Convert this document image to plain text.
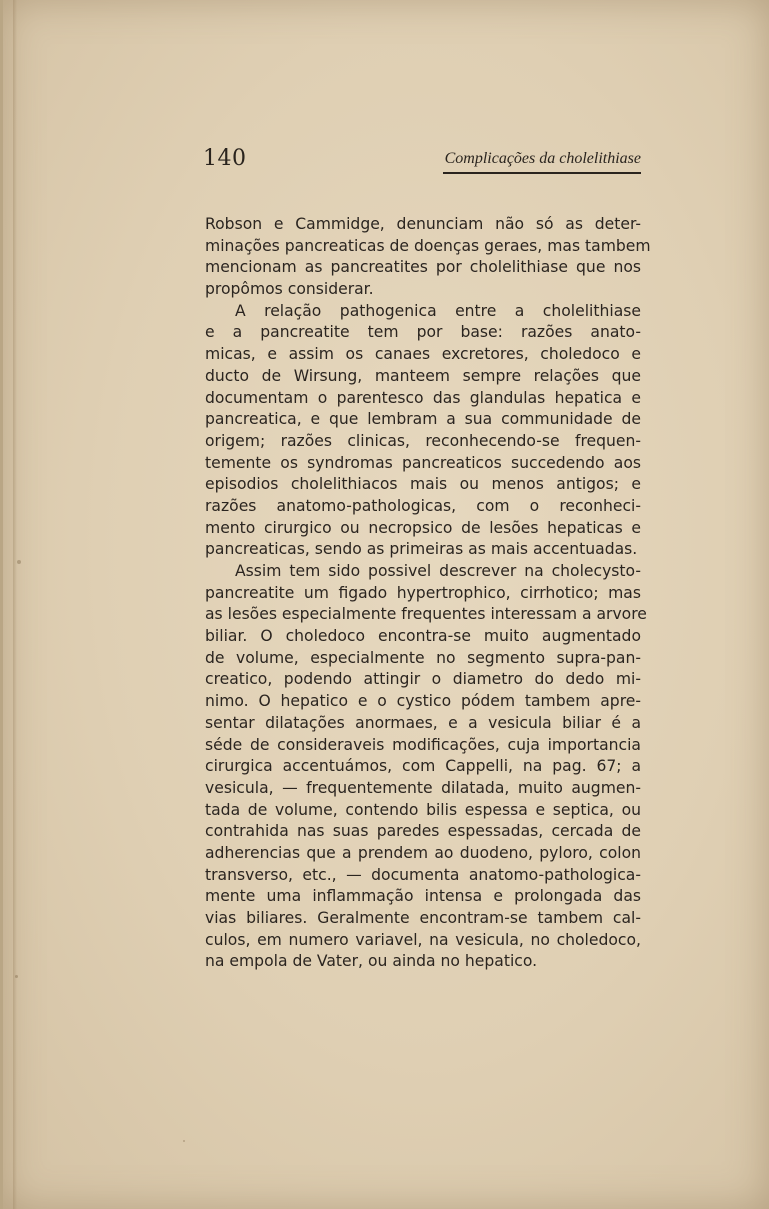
140	Complicações da cholelithiase
Robson e Cammidge, denunciam não só as deter-
minações pancreaticas de doenças geraes, mas tambem
mencionam as pancreatites por cholelithiase que nos
propômos considerar.
A relação pathogenica entre a cholelithiase
e a pancreatite tem por base: razões anato-
micas, e assim os canaes excretores, choledoco e
ducto de Wirsung, manteem sempre relações que
documentam o parentesco das glandulas hepatica e
pancreatica, e que lembram a sua communidade de
origem; razões clinicas, reconhecendo-se frequen-
temente os syndromas pancreaticos succedendo aos
episodios cholelithiacos mais ou menos antigos; e
razões anatomo-pathologicas, com o reconheci-
mento cirurgico ou necropsico de lesões hepaticas e
pancreaticas, sendo as primeiras as mais accentuadas.
Assim tem sido possivel descrever na cholecysto-
pancreatite um figado hypertrophico, cirrhotico; mas
as lesões especialmente frequentes interessam a arvore
biliar. O choledoco encontra-se muito augmentado
de volume, especialmente no segmento supra-pan-
creatico, podendo attingir o diametro do dedo mi-
nimo. O hepatico e o cystico pódem tambem apre-
sentar dilatações anormaes, e a vesicula biliar é a
séde de consideraveis modificações, cuja importancia
cirurgica accentuámos, com Cappelli, na pag. 67; a
vesicula, — frequentemente dilatada, muito augmen-
tada de volume, contendo bilis espessa e septica, ou
contrahida nas suas paredes espessadas, cercada de
adherencias que a prendem ao duodeno, pyloro, colon
transverso, etc., — documenta anatomo-pathologica-
mente uma inflammação intensa e prolongada das
vias biliares. Geralmente encontram-se tambem cal-
culos, em numero variavel, na vesicula, no choledoco,
na empola de Vater, ou ainda no hepatico.
